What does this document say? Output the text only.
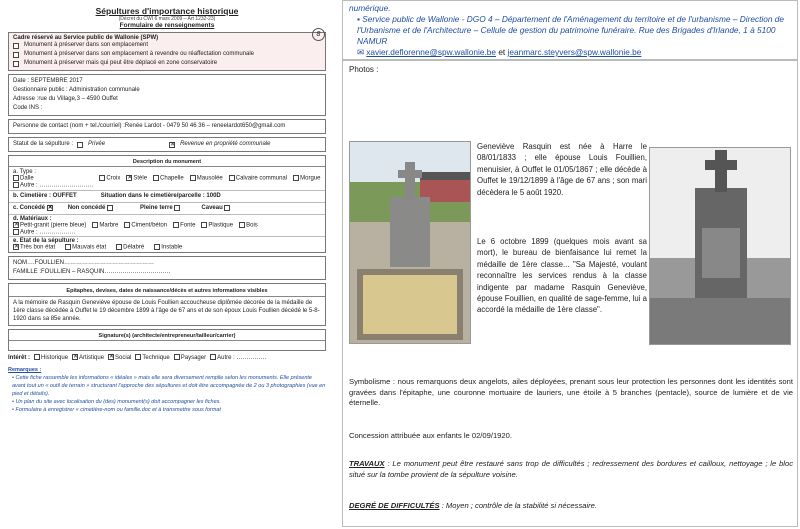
Sépultures d'importance historique
(Décret du CWI 6 mars 2009 – Art 1232-23)
Formulaire de renseignements
8
Cadre réservé au Service public de Wallonie (SPW)
Monument à préserver dans son emplacement
Monument à préserver dans son emplacement à revendre ou réaffectation communale
Monument à préserver mais qui peut être déplacé en zone conservatoire
Date : SEPTEMBRE 2017
Gestionnaire public : Administration communale
Adresse :rue du Village,3 – 4590 Ouffet
Code INS :
Personne de contact (nom + tel./courriel) :Renée Lardot - 0479 50 46 36 – reneelardot650@gmail.com
Statut de la sépulture :	Privée	✕ Revenue en propriété communale
Description du monument
a. Type :
Dalle	Croix ✕Stèle	Chapelle	Mausolée	Calvaire communal	Morgue
Autre : ………………………
b. Cimetière : OUFFET	Situation dans le cimetière/parcelle : 100D
c. Concédé ✕ Non concédé	Pleine terre	Caveau
d. Matériaux :
✕Petit-granit (pierre bleue)	Marbre	Ciment/béton	Fonte	Plastique	Bois
Autre : ………………
e. Etat de la sépulture :
✕Très bon état	Mauvais état	Délabré	Instable
NOM….FOULLIEN………………………………………
FAMILLE :FOULLIEN – RASQUIN……………………………
Epitaphes, devises, dates de naissance/décès et autres informations visibles
A la mémoire de Rasquin Geneviève épouse de Louis Foullien accoucheuse diplômée décorée de la médaille de 1ère classe décédée à Ouffet le 19 décembre 1899 à l'âge de 67 ans et de son époux Louis Foullien décédé le 5-8-1920 dans sa 85e année.
Signature(s) (architecte/entrepreneur/tailleur/carrier)
Intérêt :	Historique ✕Artistique ✕Social	Technique	Paysager	Autre : ……………
Remarques :
• Cette fiche rassemble les informations « idéales » mais elle sera diversement remplie selon les monuments. Elle présente avant tout un « outil de terrain » structurant l'approche des sépultures et doit être accompagnée de 2 ou 3 photographies (vue en pied et détails).
• Un plan du site avec localisation du (des) monument(s) doit accompagner les fiches.
• Formulaire à enregistrer « cimetière-nom ou famille.doc et à transmettre sous format
numérique.
▪ Service public de Wallonie - DGO 4 – Département de l'Aménagement du territoire et de l'urbanisme – Direction de l'Urbanisme et de l'Architecture – Cellule de gestion du patrimoine funéraire. Rue des Brigades d'Irlande, 1 à 5100 NAMUR
✉ xavier.deflorenne@spw.wallonie.be et jeanmarc.steyvers@spw.wallonie.be
Photos :
Geneviève Rasquin est née à Harre le 08/01/1833 ; elle épouse Louis Fouillien, menuisier, à Ouffet le 01/05/1867 ; elle décède à Ouffet le 19/12/1899 à l'âge de 67 ans ; son mari décèdera le 5 août 1920.
Le 6 octobre 1899 (quelques mois avant sa mort), le bureau de bienfaisance lui remet la médaille de 1ère classe... "Sa Majesté, voulant reconnaître les services rendus à la classe indigente par madame Rasquin Geneviève, épouse Fouillien, en qualité de sage-femme, lui a accordé la médaille de 1ère classe".
Symbolisme : nous remarquons deux angelots, ailes déployées, prenant sous leur protection les personnes dont les identités sont gravées dans l'épitaphe, une couronne mortuaire de lauriers, une étoile à 5 branches (pentacle), source de lumière et de vie éternelle.
Concession attribuée aux enfants le 02/09/1920.
TRAVAUX : Le monument peut être restauré sans trop de difficultés ; redressement des bordures et cailloux, nettoyage ; le bloc situé sur la tombe provient de la sépulture voisine.
DEGRÉ DE DIFFICULTÉS : Moyen ; contrôle de la stabilité si nécessaire.
